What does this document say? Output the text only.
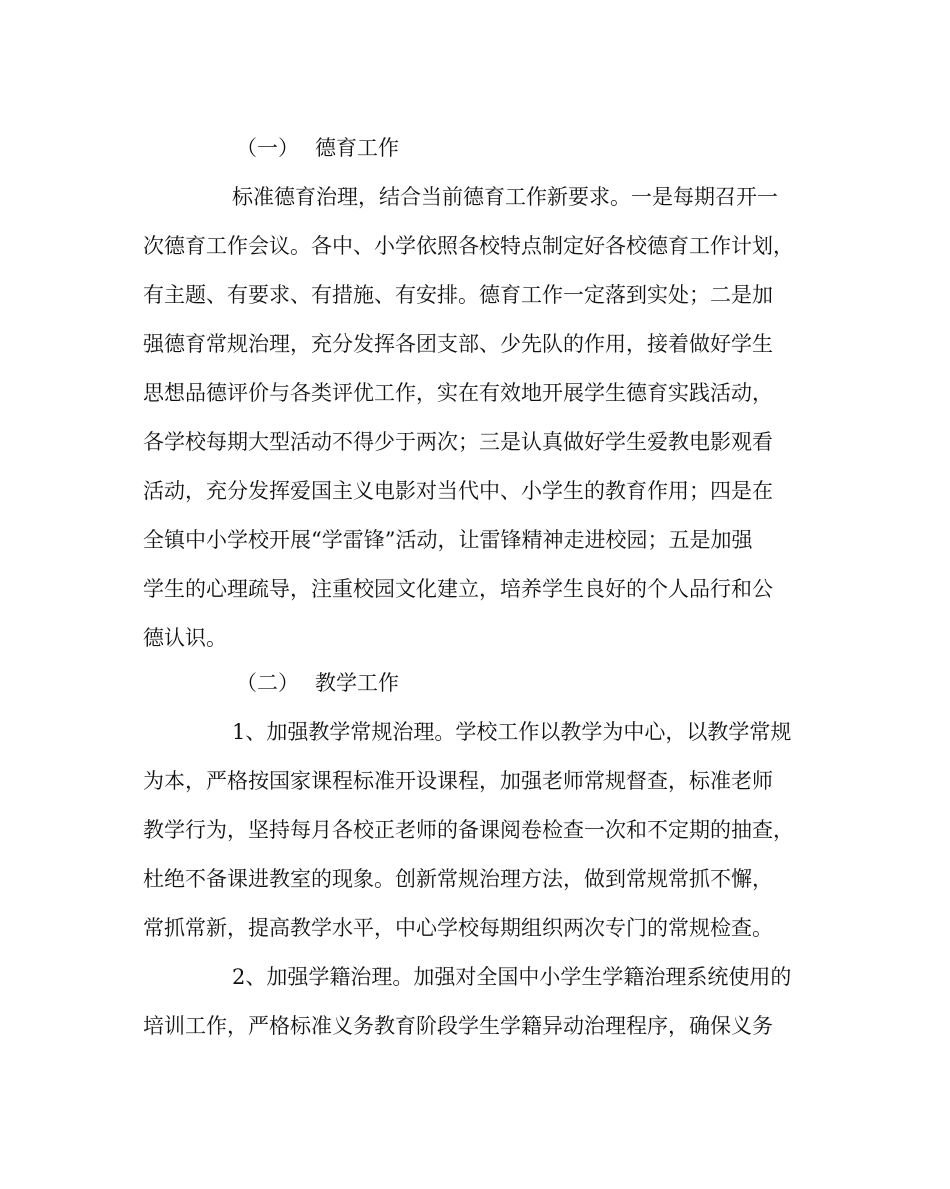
（一） 德育工作
标准德育治理，结合当前德育工作新要求。一是每期召开一
次德育工作会议。各中、小学依照各校特点制定好各校德育工作计划，
有主题、有要求、有措施、有安排。德育工作一定落到实处；二是加
强德育常规治理，充分发挥各团支部、少先队的作用，接着做好学生
思想品德评价与各类评优工作，实在有效地开展学生德育实践活动，
各学校每期大型活动不得少于两次；三是认真做好学生爱教电影观看
活动，充分发挥爱国主义电影对当代中、小学生的教育作用；四是在
全镇中小学校开展“学雷锋”活动，让雷锋精神走进校园；五是加强
学生的心理疏导，注重校园文化建立，培养学生良好的个人品行和公
德认识。
（二） 教学工作
1、加强教学常规治理。学校工作以教学为中心，以教学常规
为本，严格按国家课程标准开设课程，加强老师常规督查，标准老师
教学行为，坚持每月各校正老师的备课阅卷检查一次和不定期的抽查，
杜绝不备课进教室的现象。创新常规治理方法，做到常规常抓不懈，
常抓常新，提高教学水平，中心学校每期组织两次专门的常规检查。
2、加强学籍治理。加强对全国中小学生学籍治理系统使用的
培训工作，严格标准义务教育阶段学生学籍异动治理程序，确保义务
